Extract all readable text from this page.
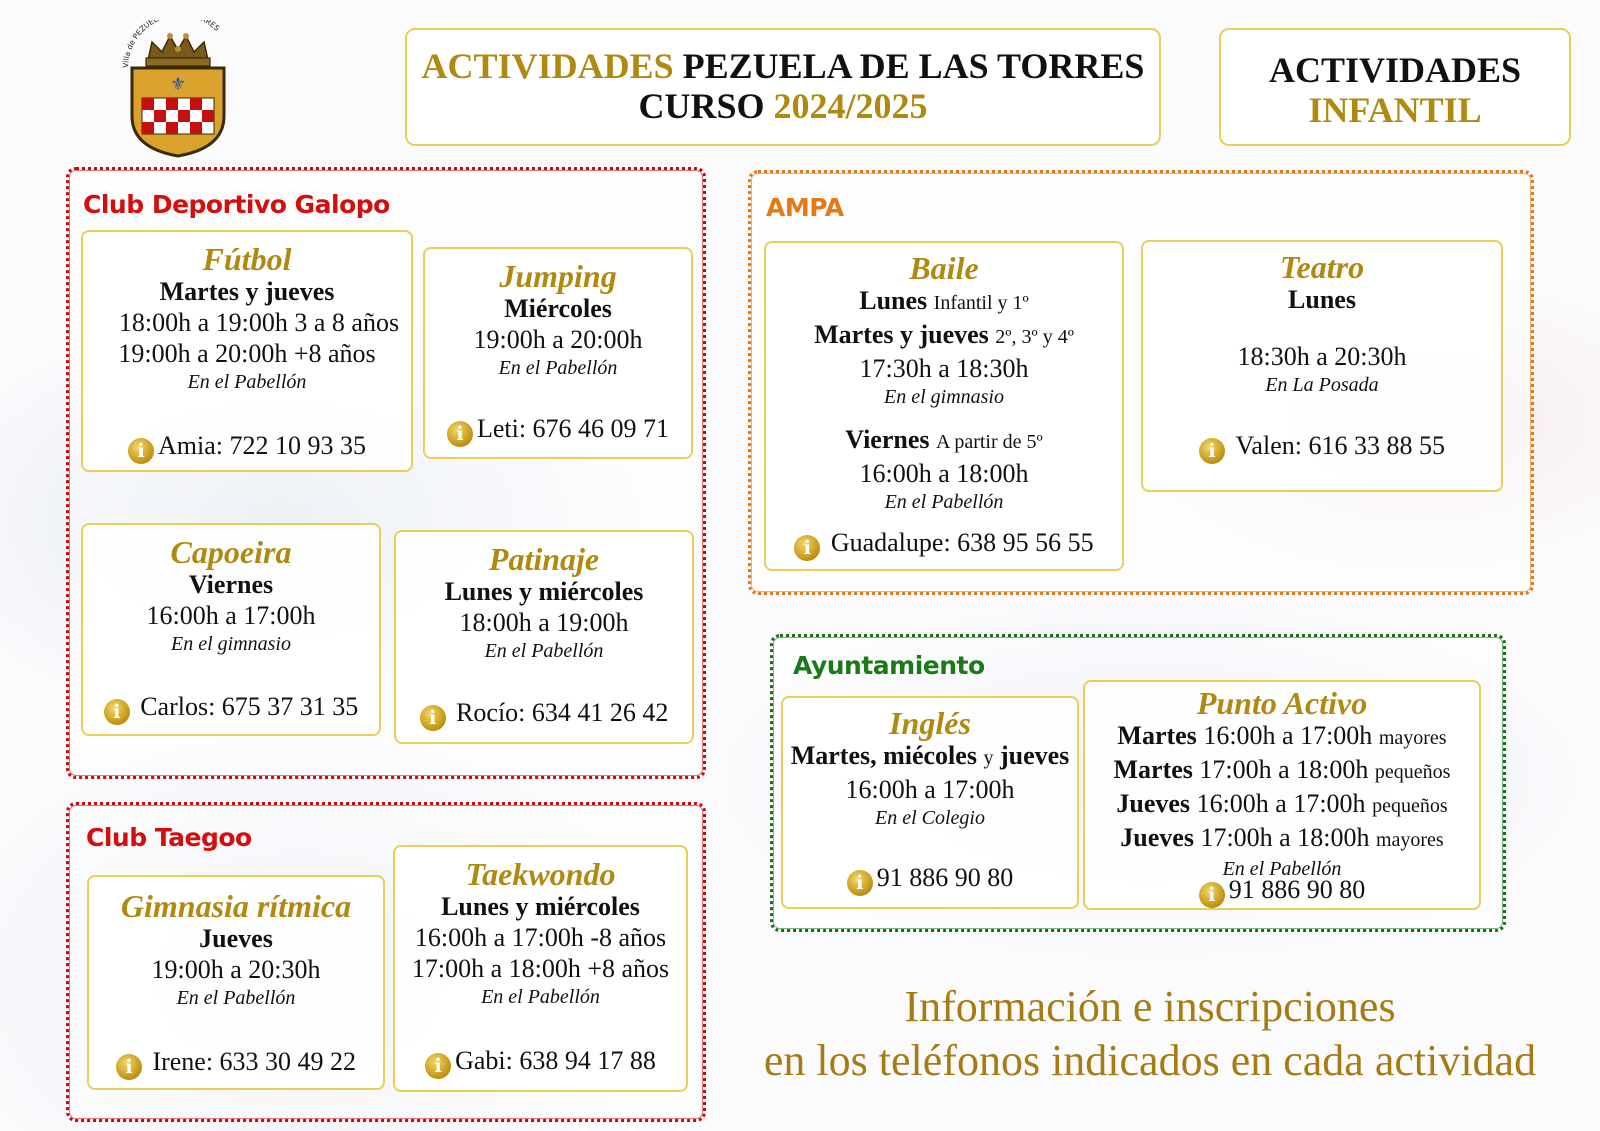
Villa de PEZUE RES
⚜	ACTIVIDADES PEZUELA DE LAS TORRES
CURSO 2024/2025
ACTIVIDADES
INFANTIL
Club Deportivo Galopo
Fútbol
Martes y jueves
18:00h a 19:00h 3 a 8 años
19:00h a 20:00h +8 años
En el Pabellón
i Amia: 722 10 93 35
Jumping
Miércoles
19:00h a 20:00h
En el Pabellón
i Leti: 676 46 09 71
Capoeira
Viernes
16:00h a 17:00h
En el gimnasio
i Carlos: 675 37 31 35
Patinaje
Lunes y miércoles
18:00h a 19:00h
En el Pabellón
i Rocío: 634 41 26 42
Club Taegoo
Gimnasia rítmica
Jueves
19:00h a 20:30h
En el Pabellón
i Irene: 633 30 49 22
Taekwondo
Lunes y miércoles
16:00h a 17:00h -8 años
17:00h a 18:00h +8 años
En el Pabellón
i Gabi: 638 94 17 88
AMPA
Baile
Lunes Infantil y 1º
Martes y jueves 2º, 3º y 4º
17:30h a 18:30h
En el gimnasio
Viernes A partir de 5º
16:00h a 18:00h
En el Pabellón
i Guadalupe: 638 95 56 55
Teatro
Lunes
18:30h a 20:30h
En La Posada
i Valen: 616 33 88 55
Ayuntamiento
Inglés
Martes, miécoles y jueves
16:00h a 17:00h
En el Colegio
i 91 886 90 80
Punto Activo
Martes 16:00h a 17:00h mayores
Martes 17:00h a 18:00h pequeños
Jueves 16:00h a 17:00h pequeños
Jueves 17:00h a 18:00h mayores
En el Pabellón
i 91 886 90 80
Información e inscripciones
en los teléfonos indicados en cada actividad
